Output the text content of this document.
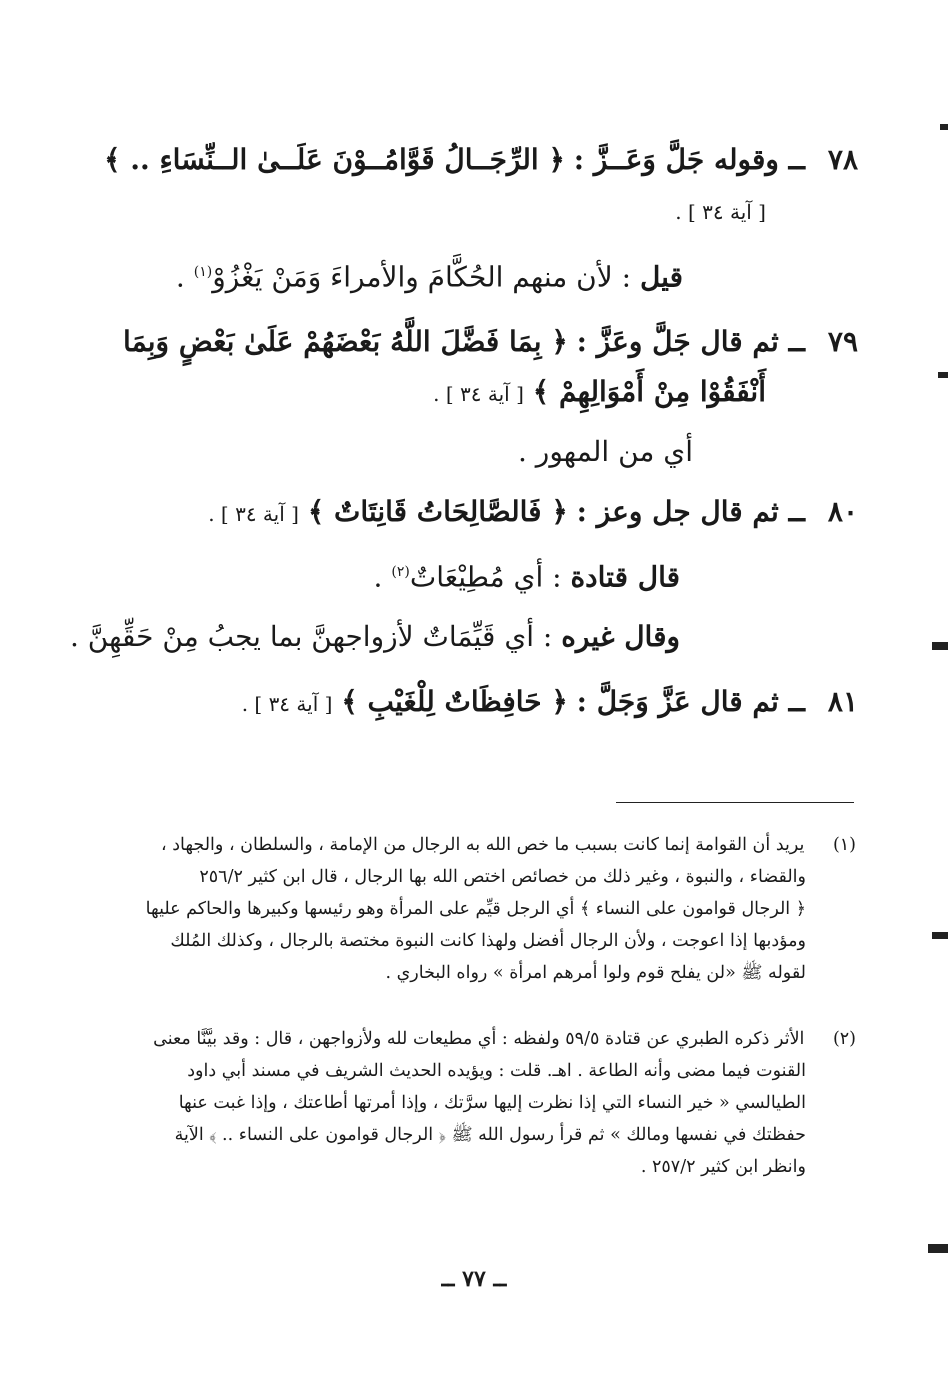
٧٨ ــ وقوله جَلَّ وَعَــزَّ : ﴿ الرِّجَــالُ قَوَّامُــوْنَ عَلَــىٰ الــنِّسَاءِ .. ﴾
[ آية ٣٤ ] .
قيل : لأن منهم الحُكَّامَ والأمراءَ وَمَنْ يَغْزُوْ$^{(١)}$ .
٧٩ ــ ثم قال جَلَّ وعَزَّ : ﴿ بِمَا فَضَّلَ اللَّهُ بَعْضَهُمْ عَلَىٰ بَعْضٍ وَبِمَا
أَنْفَقُوْا مِنْ أَمْوَالِهِمْ ﴾ [ آية ٣٤ ] .
أي من المهور .
٨٠ ــ ثم قال جل وعز : ﴿ فَالصَّالِحَاتُ قَانِتَاتٌ ﴾ [ آية ٣٤ ] .
قال قتادة : أي مُطِيْعَاتٌ$^{(٢)}$ .
وقال غيره : أي قَيِّمَاتٌ لأزواجهنَّ بما يجبُ مِنْ حَقِّهِنَّ .
٨١ ــ ثم قال عَزَّ وَجَلَّ : ﴿ حَافِظَاتٌ لِلْغَيْبِ ﴾ [ آية ٣٤ ] .
(١) يريد أن القوامة إنما كانت بسبب ما خص الله به الرجال من الإمامة ، والسلطان ، والجهاد ،
والقضاء ، والنبوة ، وغير ذلك من خصائص اختص الله بها الرجال ، قال ابن كثير ٢٥٦/٢
﴿ الرجال قوامون على النساء ﴾ أي الرجل قيِّم على المرأة وهو رئيسها وكبيرها والحاكم عليها
ومؤدبها إذا اعوجت ، ولأن الرجال أفضل ولهذا كانت النبوة مختصة بالرجال ، وكذلك المُلك
لقوله ﷺ «لن يفلح قوم ولوا أمرهم امرأة » رواه البخاري .
(٢) الأثر ذكره الطبري عن قتادة ٥٩/٥ ولفظه : أي مطيعات لله ولأزواجهن ، قال : وقد بيَّنَّا معنى
القنوت فيما مضى وأنه الطاعة . اهـ. قلت : ويؤيده الحديث الشريف في مسند أبي داود
الطيالسي « خير النساء التي إذا نظرت إليها سرَّتك ، وإذا أمرتها أطاعتك ، وإذا غبت عنها
حفظتك في نفسها ومالك » ثم قرأ رسول الله ﷺ ﴿ الرجال قوامون على النساء .. ﴾ الآية
وانظر ابن كثير ٢٥٧/٢ .
ــ ٧٧ ــ
